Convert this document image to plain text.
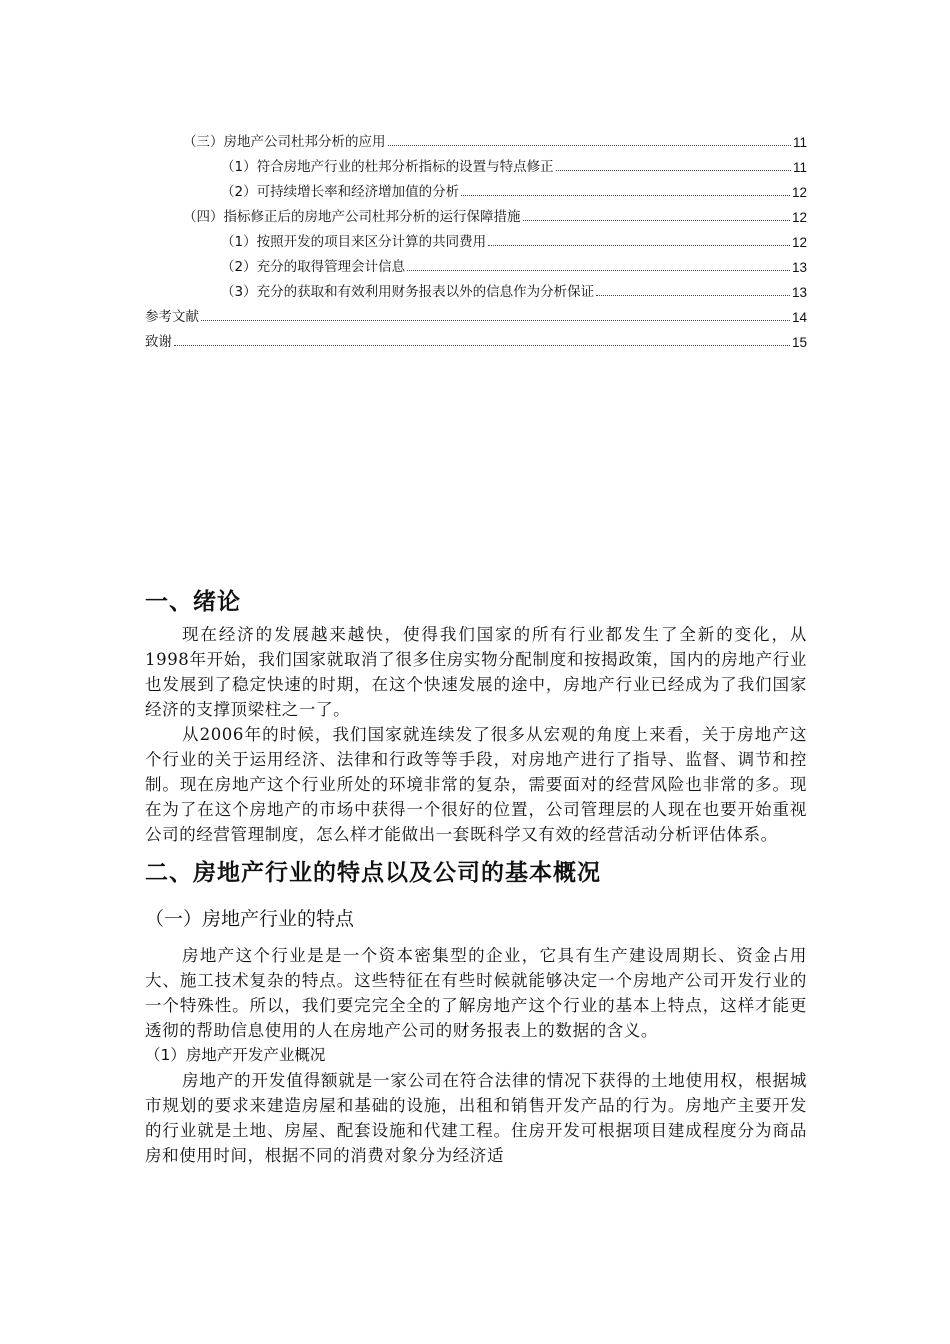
（三）房地产公司杜邦分析的应用	11
（1）符合房地产行业的杜邦分析指标的设置与特点修正	11
（2）可持续增长率和经济增加值的分析	12
（四）指标修正后的房地产公司杜邦分析的运行保障措施	12
（1）按照开发的项目来区分计算的共同费用	12
（2）充分的取得管理会计信息	13
（3）充分的获取和有效利用财务报表以外的信息作为分析保证	13
参考文献	14
致谢	15
一、绪论

现在经济的发展越来越快，使得我们国家的所有行业都发生了全新的变化，从1998年开始，我们国家就取消了很多住房实物分配制度和按揭政策，国内的房地产行业也发展到了稳定快速的时期，在这个快速发展的途中，房地产行业已经成为了我们国家经济的支撑顶梁柱之一了。

从2006年的时候，我们国家就连续发了很多从宏观的角度上来看，关于房地产这个行业的关于运用经济、法律和行政等等手段，对房地产进行了指导、监督、调节和控制。现在房地产这个行业所处的环境非常的复杂，需要面对的经营风险也非常的多。现在为了在这个房地产的市场中获得一个很好的位置，公司管理层的人现在也要开始重视公司的经营管理制度，怎么样才能做出一套既科学又有效的经营活动分析评估体系。

二、房地产行业的特点以及公司的基本概况
（一）房地产行业的特点

房地产这个行业是是一个资本密集型的企业，它具有生产建设周期长、资金占用大、施工技术复杂的特点。这些特征在有些时候就能够决定一个房地产公司开发行业的一个特殊性。所以，我们要完完全全的了解房地产这个行业的基本上特点，这样才能更透彻的帮助信息使用的人在房地产公司的财务报表上的数据的含义。

（1）房地产开发产业概况

房地产的开发值得额就是一家公司在符合法律的情况下获得的土地使用权，根据城市规划的要求来建造房屋和基础的设施，出租和销售开发产品的行为。房地产主要开发的行业就是土地、房屋、配套设施和代建工程。住房开发可根据项目建成程度分为商品房和使用时间，根据不同的消费对象分为经济适
